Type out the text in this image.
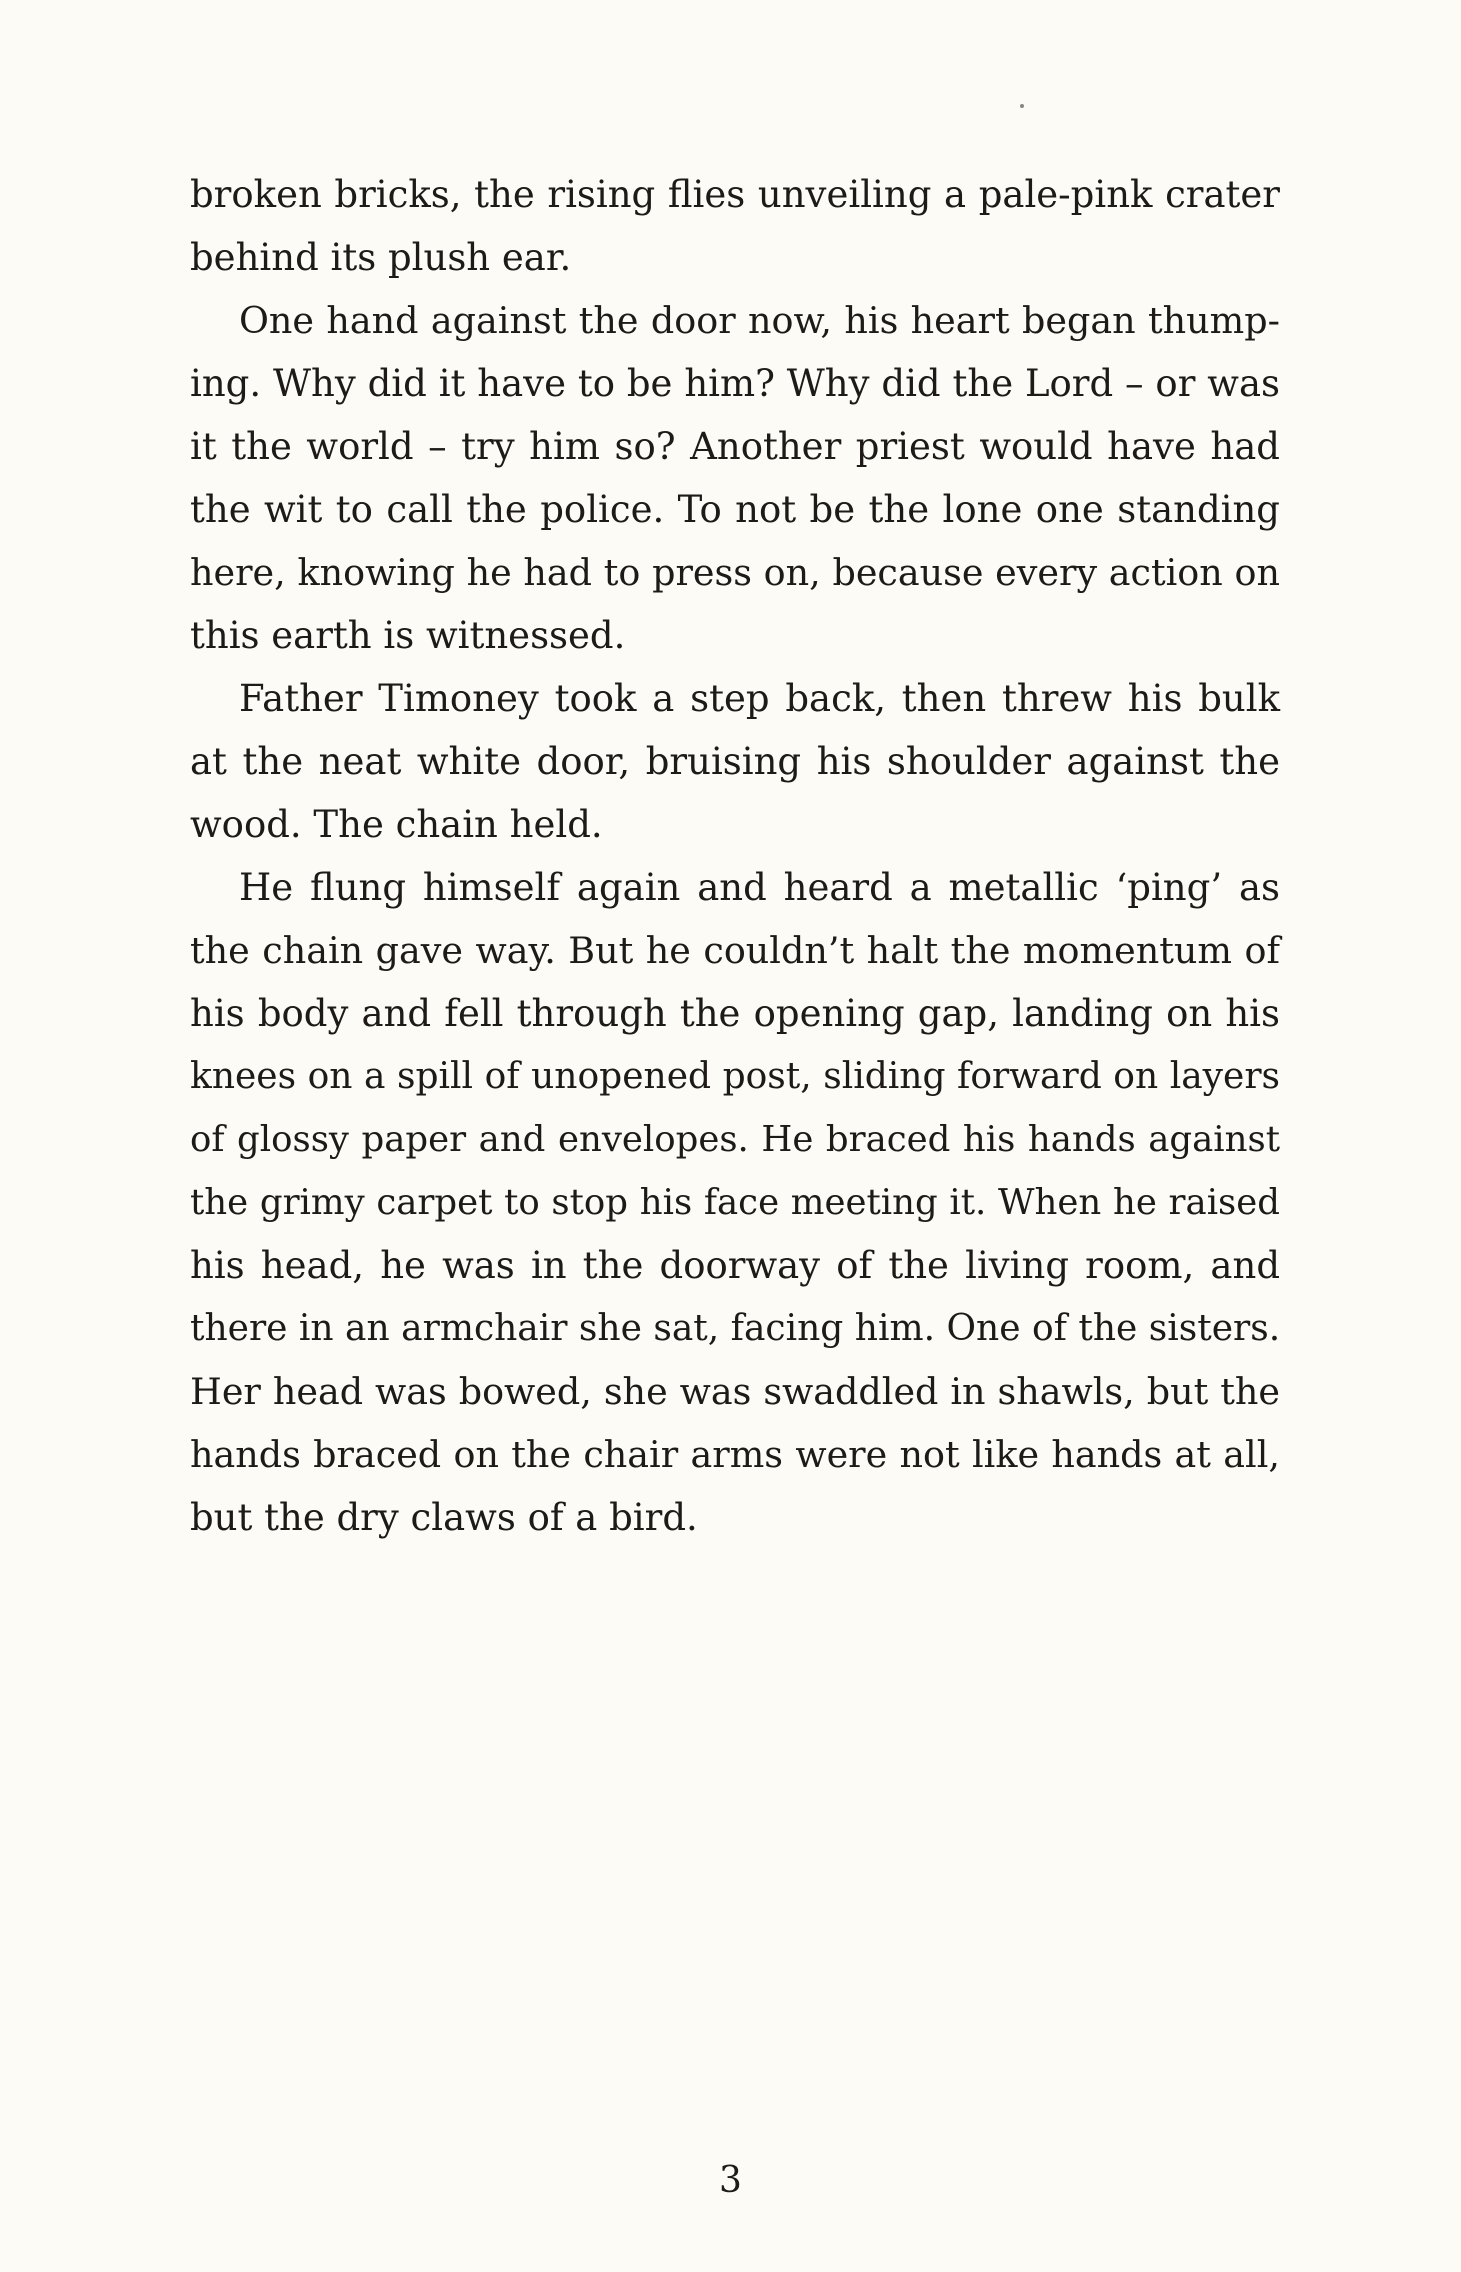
broken bricks, the rising flies unveiling a pale-pink crater
behind its plush ear.
One hand against the door now, his heart began thump-
ing. Why did it have to be him? Why did the Lord – or was
it the world – try him so? Another priest would have had
the wit to call the police. To not be the lone one standing
here, knowing he had to press on, because every action on
this earth is witnessed.
Father Timoney took a step back, then threw his bulk
at the neat white door, bruising his shoulder against the
wood. The chain held.
He flung himself again and heard a metallic ‘ping’ as
the chain gave way. But he couldn’t halt the momentum of
his body and fell through the opening gap, landing on his
knees on a spill of unopened post, sliding forward on layers
of glossy paper and envelopes. He braced his hands against
the grimy carpet to stop his face meeting it. When he raised
his head, he was in the doorway of the living room, and
there in an armchair she sat, facing him. One of the sisters.
Her head was bowed, she was swaddled in shawls, but the
hands braced on the chair arms were not like hands at all,
but the dry claws of a bird.
3
